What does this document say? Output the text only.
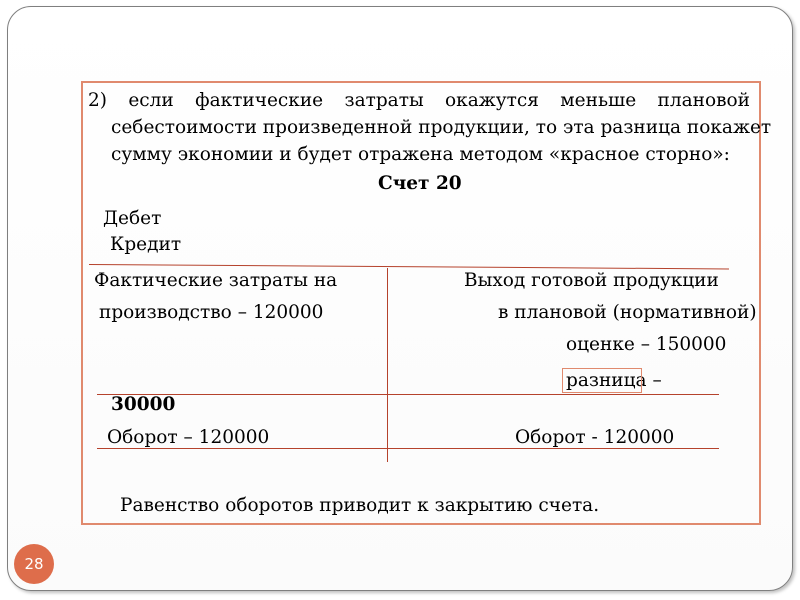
2) если фактические затраты окажутся меньше плановой
себестоимости произведенной продукции, то эта разница покажет
сумму экономии и будет отражена методом «красное сторно»:
Счет 20
Дебет
Кредит
Фактические затраты на
производство – 120000
Выход готовой продукции
в плановой (нормативной)
оценке – 150000
разница –
30000
Оборот – 120000	Оборот - 120000
Равенство оборотов приводит к закрытию счета.
28
